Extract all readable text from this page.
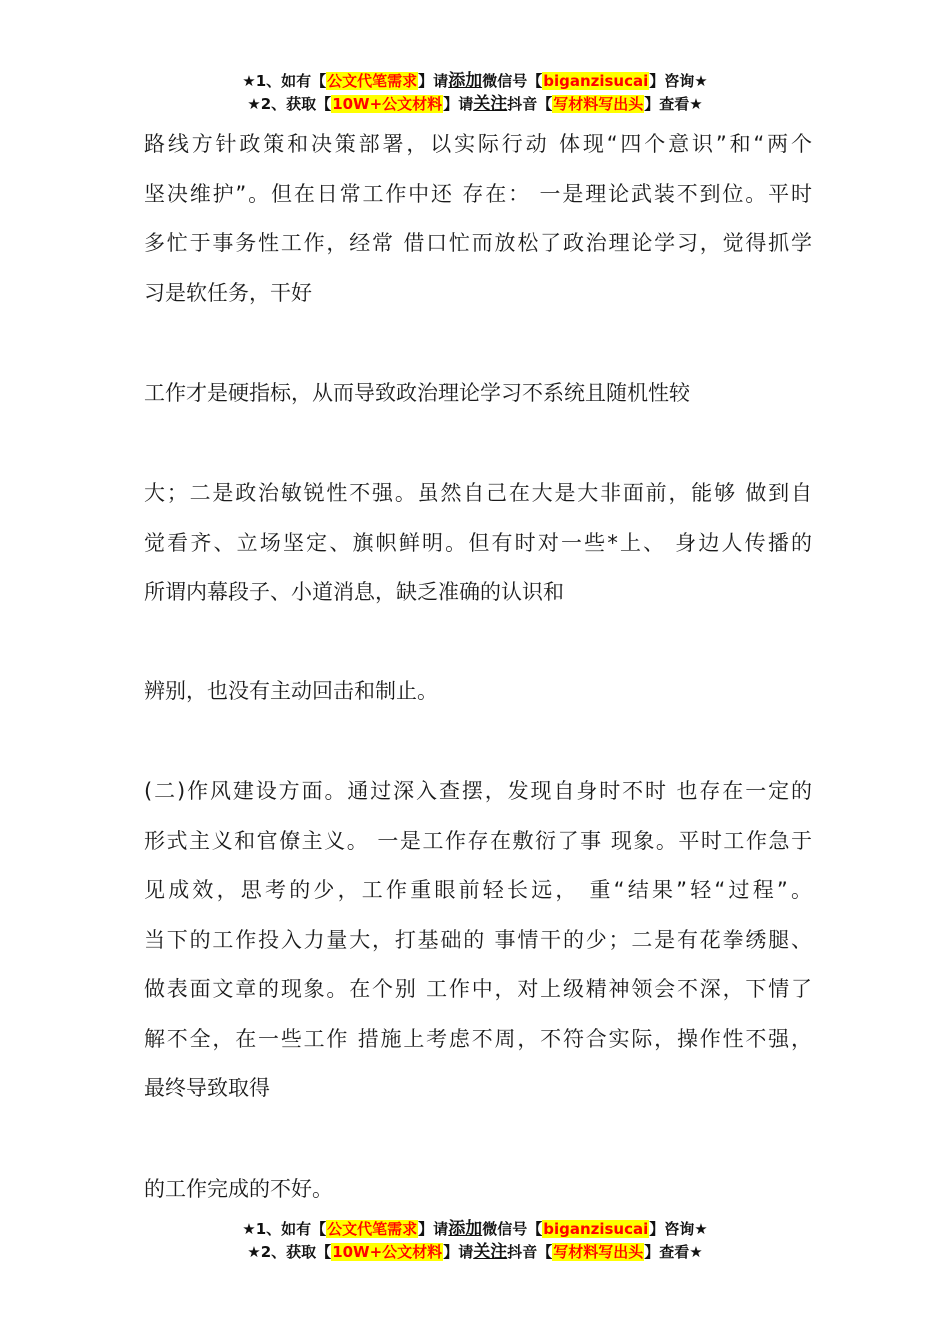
★1、如有【公文代笔需求】请添加微信号【biganzisucai】咨询★
★2、获取【10W+公文材料】请关注抖音【写材料写出头】查看★
路线方针政策和决策部署，以实际行动 体现“四个意识”和“两个
坚决维护”。但在日常工作中还 存在： 一是理论武装不到位。平时
多忙于事务性工作，经常 借口忙而放松了政治理论学习，觉得抓学
习是软任务，干好
工作才是硬指标，从而导致政治理论学习不系统且随机性较
大；二是政治敏锐性不强。虽然自己在大是大非面前，能够 做到自
觉看齐、立场坚定、旗帜鲜明。但有时对一些*上、 身边人传播的
所谓内幕段子、小道消息，缺乏准确的认识和
辨别，也没有主动回击和制止。
(二)作风建设方面。通过深入查摆，发现自身时不时 也存在一定的
形式主义和官僚主义。 一是工作存在敷衍了事 现象。平时工作急于
见成效，思考的少，工作重眼前轻长远， 重“结果”轻“过程”。
当下的工作投入力量大，打基础的 事情干的少；二是有花拳绣腿、
做表面文章的现象。在个别 工作中，对上级精神领会不深，下情了
解不全，在一些工作 措施上考虑不周，不符合实际，操作性不强，
最终导致取得
的工作完成的不好。
★1、如有【公文代笔需求】请添加微信号【biganzisucai】咨询★
★2、获取【10W+公文材料】请关注抖音【写材料写出头】查看★
